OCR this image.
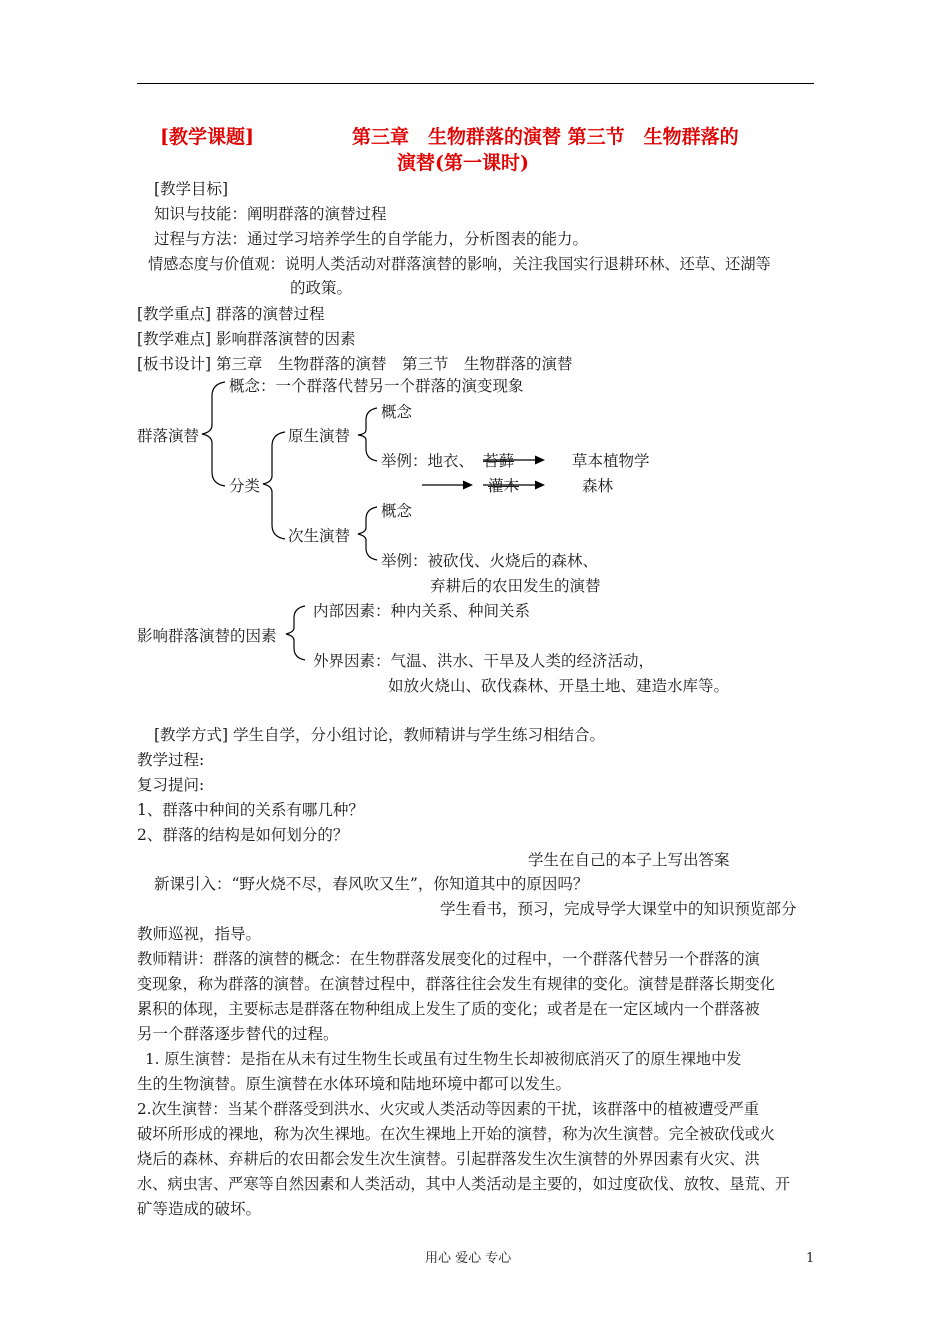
[教学课题]	第三章　生物群落的演替 第三节　生物群落的
演替(第一课时)
[教学目标]
知识与技能：阐明群落的演替过程
过程与方法：通过学习培养学生的自学能力，分析图表的能力。
情感态度与价值观：说明人类活动对群落演替的影响，关注我国实行退耕环林、还草、还湖等
的政策。
[教学重点] 群落的演替过程
[教学难点] 影响群落演替的因素
[板书设计] 第三章　生物群落的演替　第三节　生物群落的演替
概念：一个群落代替另一个群落的演变现象
群落演替	原生演替
概念
举例：地衣、 苔藓	草本植物学
分类	灌木	森林
概念
次生演替
举例：被砍伐、火烧后的森林、
弃耕后的农田发生的演替
内部因素：种内关系、种间关系
影响群落演替的因素
外界因素：气温、洪水、干旱及人类的经济活动，
如放火烧山、砍伐森林、开垦土地、建造水库等。
[教学方式] 学生自学，分小组讨论，教师精讲与学生练习相结合。
教学过程:
复习提问:
1、群落中种间的关系有哪几种？
2、群落的结构是如何划分的？
学生在自己的本子上写出答案
新课引入：“野火烧不尽，春风吹又生”，你知道其中的原因吗？
学生看书，预习，完成导学大课堂中的知识预览部分
教师巡视，指导。
教师精讲：群落的演替的概念：在生物群落发展变化的过程中，一个群落代替另一个群落的演
变现象，称为群落的演替。在演替过程中，群落往往会发生有规律的变化。演替是群落长期变化
累积的体现，主要标志是群落在物种组成上发生了质的变化；或者是在一定区域内一个群落被
另一个群落逐步替代的过程。
1. 原生演替：是指在从未有过生物生长或虽有过生物生长却被彻底消灭了的原生裸地中发
生的生物演替。原生演替在水体环境和陆地环境中都可以发生。
2.次生演替：当某个群落受到洪水、火灾或人类活动等因素的干扰，该群落中的植被遭受严重
破坏所形成的裸地，称为次生裸地。在次生裸地上开始的演替，称为次生演替。完全被砍伐或火
烧后的森林、弃耕后的农田都会发生次生演替。引起群落发生次生演替的外界因素有火灾、洪
水、病虫害、严寒等自然因素和人类活动，其中人类活动是主要的，如过度砍伐、放牧、垦荒、开
矿等造成的破坏。
用心 爱心 专心	1
